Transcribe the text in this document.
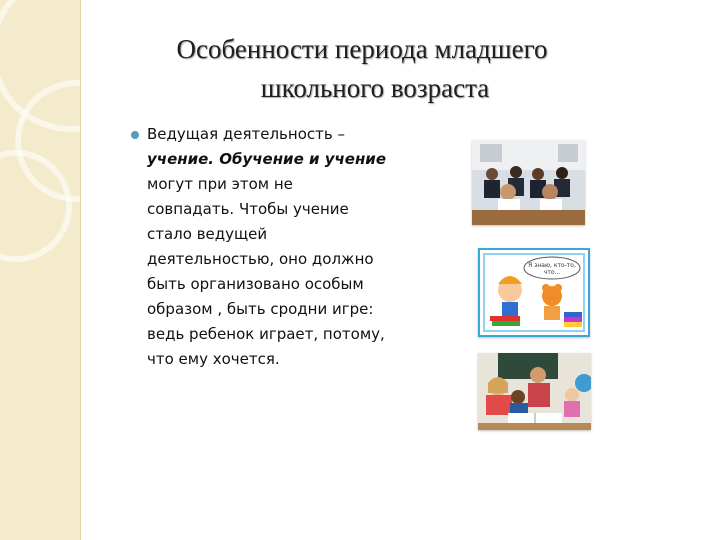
Особенности периода младшего
школьного возраста
Ведущая деятельность –
учение. Обучение и учение
могут при этом не
совпадать. Чтобы учение
стало ведущей
деятельностью, оно должно
быть организовано особым
образом , быть сродни игре:
ведь ребенок играет, потому,
что ему хочется.
Я знаю, кто-то,
что...
